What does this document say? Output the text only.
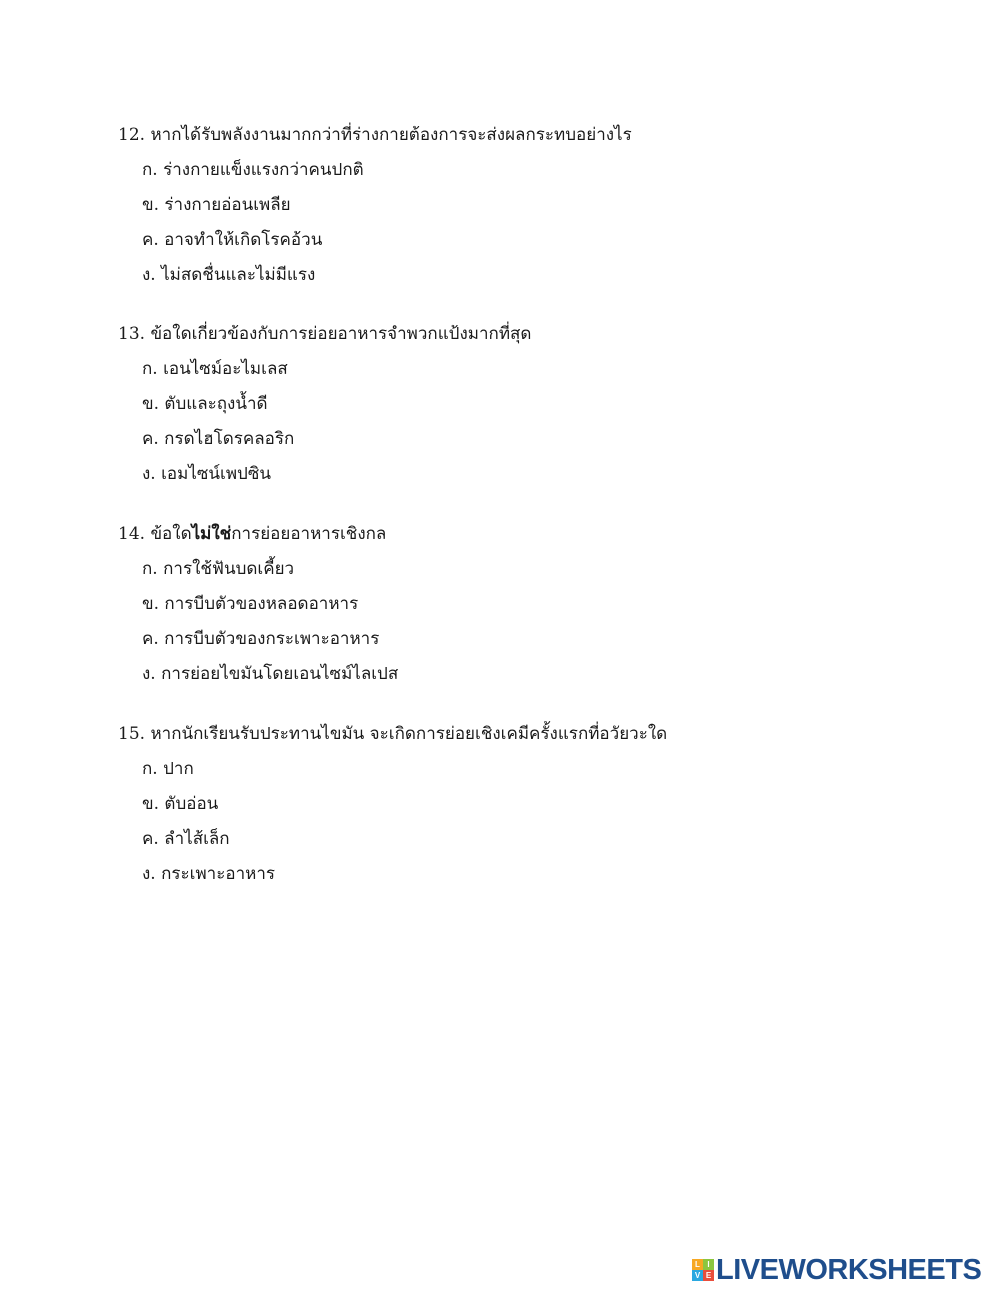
12. หากได้รับพลังงานมากกว่าที่ร่างกายต้องการจะส่งผลกระทบอย่างไร
ก. ร่างกายแข็งแรงกว่าคนปกติ
ข. ร่างกายอ่อนเพลีย
ค. อาจทำให้เกิดโรคอ้วน
ง. ไม่สดชื่นและไม่มีแรง
13. ข้อใดเกี่ยวข้องกับการย่อยอาหารจำพวกแป้งมากที่สุด
ก. เอนไซม์อะไมเลส
ข. ตับและถุงน้ำดี
ค. กรดไฮโดรคลอริก
ง. เอมไซน์เพปซิน
14. ข้อใดไม่ใช่การย่อยอาหารเชิงกล
ก. การใช้ฟันบดเคี้ยว
ข. การบีบตัวของหลอดอาหาร
ค. การบีบตัวของกระเพาะอาหาร
ง. การย่อยไขมันโดยเอนไซม์ไลเปส
15. หากนักเรียนรับประทานไขมัน จะเกิดการย่อยเชิงเคมีครั้งแรกที่อวัยวะใด
ก. ปาก
ข. ตับอ่อน
ค. ลำไส้เล็ก
ง. กระเพาะอาหาร
L I
V E LIVEWORKSHEETS
